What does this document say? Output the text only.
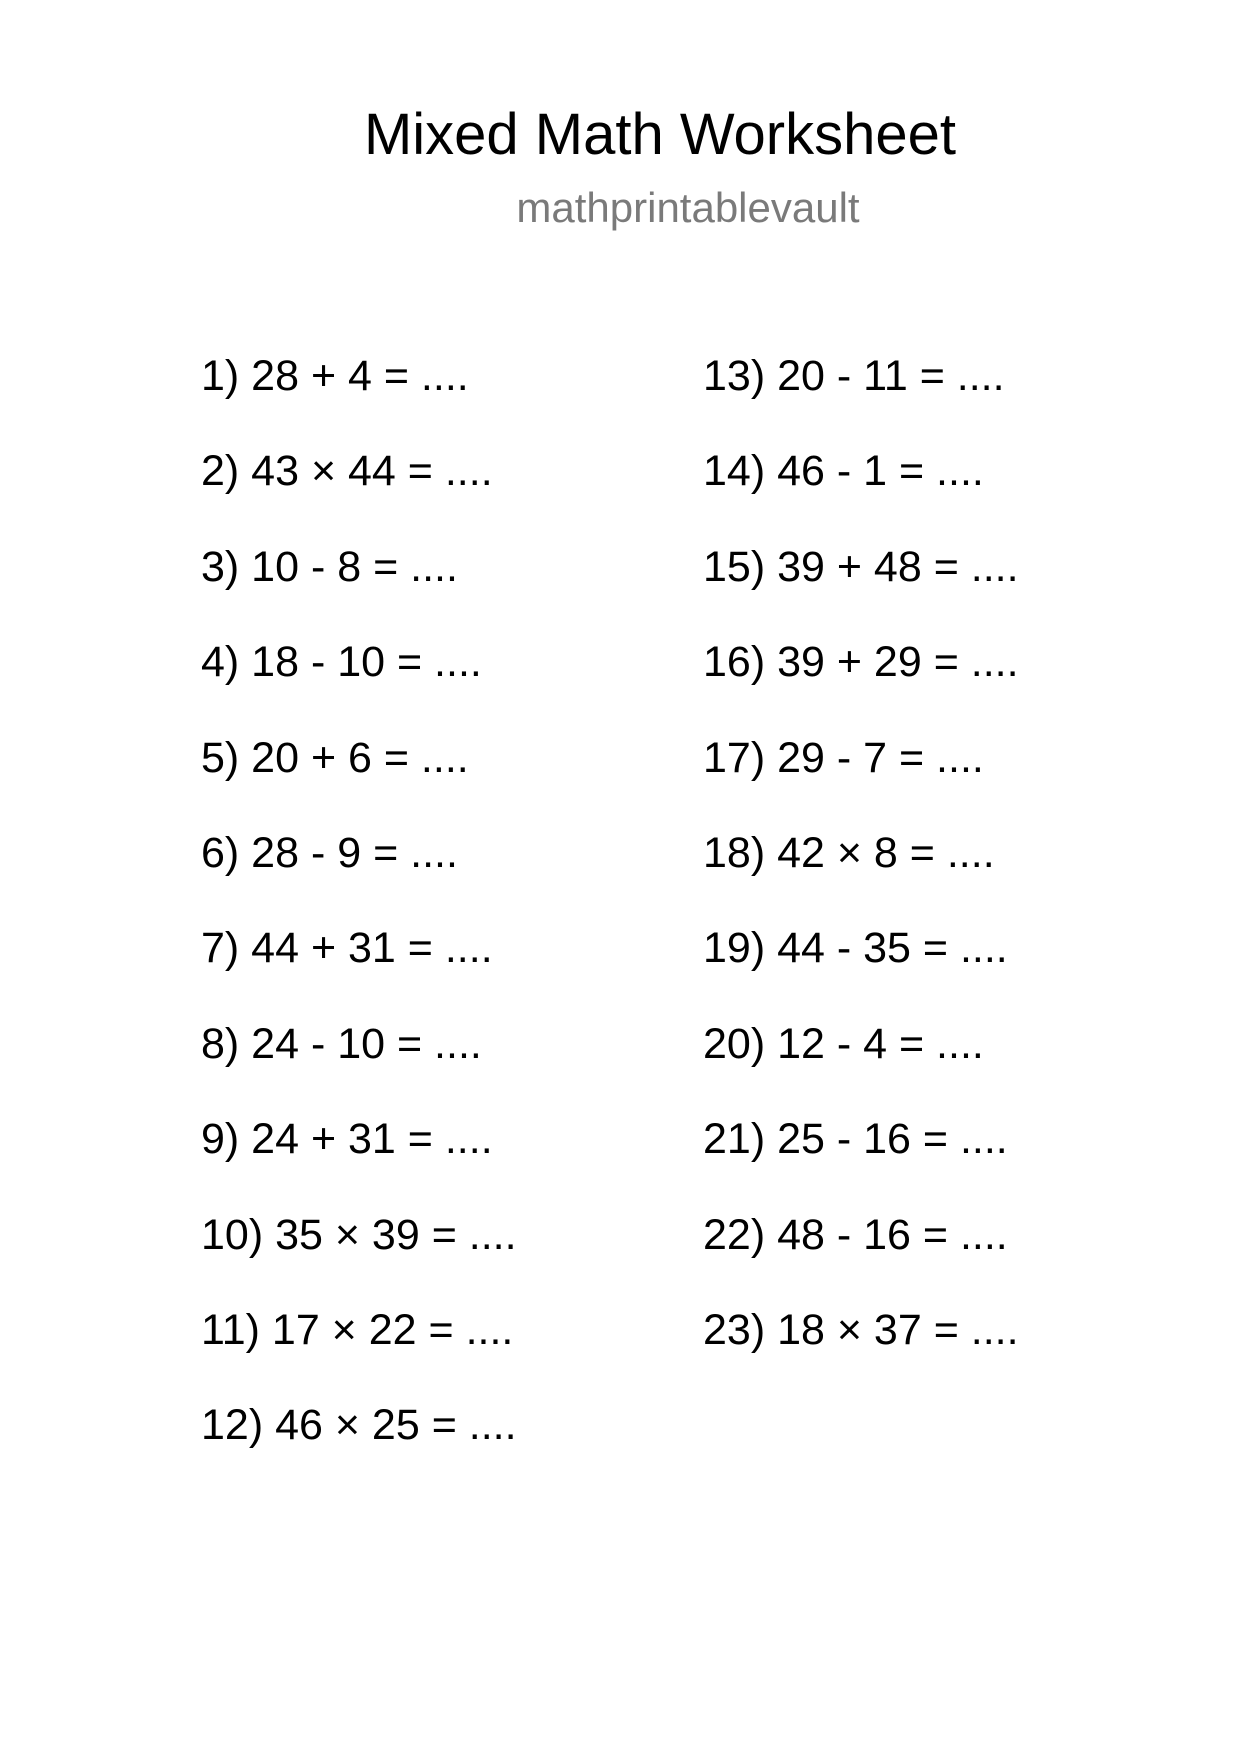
Mixed Math Worksheet
mathprintablevault
1) 28 + 4 = ....
2) 43 × 44 = ....
3) 10 - 8 = ....
4) 18 - 10 = ....
5) 20 + 6 = ....
6) 28 - 9 = ....
7) 44 + 31 = ....
8) 24 - 10 = ....
9) 24 + 31 = ....
10) 35 × 39 = ....
11) 17 × 22 = ....
12) 46 × 25 = ....
13) 20 - 11 = ....
14) 46 - 1 = ....
15) 39 + 48 = ....
16) 39 + 29 = ....
17) 29 - 7 = ....
18) 42 × 8 = ....
19) 44 - 35 = ....
20) 12 - 4 = ....
21) 25 - 16 = ....
22) 48 - 16 = ....
23) 18 × 37 = ....
